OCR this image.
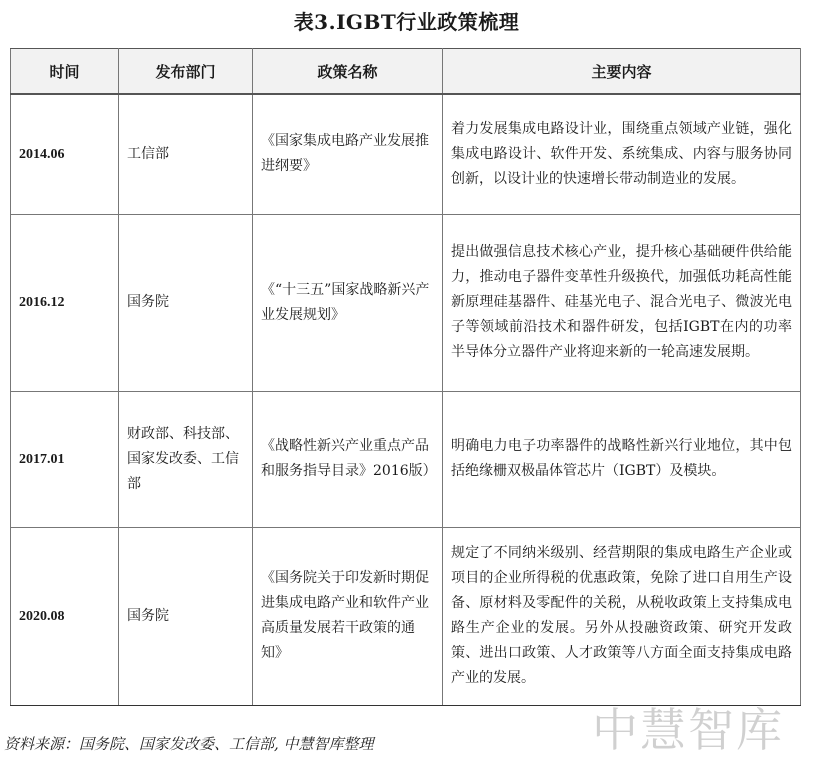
表3.IGBT行业政策梳理
时间	发布部门	政策名称	主要内容
2014.06	工信部	《国家集成电路产业发展推进纲要》	着力发展集成电路设计业，围绕重点领域产业链，强化集成电路设计、软件开发、系统集成、内容与服务协同创新，以设计业的快速增长带动制造业的发展。
2016.12	国务院	《“十三五”国家战略新兴产业发展规划》	提出做强信息技术核心产业，提升核心基础硬件供给能力，推动电子器件变革性升级换代，加强低功耗高性能新原理硅基器件、硅基光电子、混合光电子、微波光电子等领域前沿技术和器件研发，包括IGBT在内的功率半导体分立器件产业将迎来新的一轮高速发展期。
2017.01	财政部、科技部、国家发改委、工信部	《战略性新兴产业重点产品和服务指导目录》2016版）	明确电力电子功率器件的战略性新兴行业地位，其中包括绝缘栅双极晶体管芯片（IGBT）及模块。
2020.08	国务院	《国务院关于印发新时期促进集成电路产业和软件产业高质量发展若干政策的通知》	规定了不同纳米级别、经营期限的集成电路生产企业或项目的企业所得税的优惠政策，免除了进口自用生产设备、原材料及零配件的关税，从税收政策上支持集成电路生产企业的发展。另外从投融资政策、研究开发政策、进出口政策、人才政策等八方面全面支持集成电路产业的发展。
资料来源：国务院、国家发改委、工信部, 中慧智库整理	中慧智库
